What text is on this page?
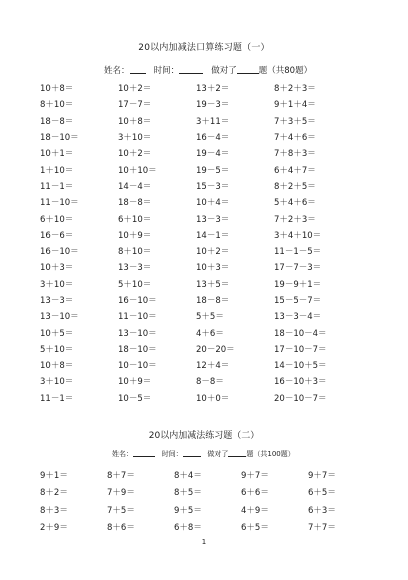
20以内加减法口算练习题（一）
姓名：	时间：	做对了	题（共80题）
10＋8＝	10＋2＝	13＋2＝	8＋2＋3＝
8＋10＝	17－7＝	19－3＝	9＋1＋4＝
18－8＝	10＋8＝	3＋11＝	7＋3＋5＝
18－10＝	3＋10＝	16－4＝	7＋4＋6＝
10＋1＝	10＋2＝	19－4＝	7＋8＋3＝
1＋10＝	10＋10＝	19－5＝	6＋4＋7＝
11－1＝	14－4＝	15－3＝	8＋2＋5＝
11－10＝	18－8＝	10＋4＝	5＋4＋6＝
6＋10＝	6＋10＝	13－3＝	7＋2＋3＝
16－6＝	10＋9＝	14－1＝	3＋4＋10＝
16－10＝	8＋10＝	10＋2＝	11－1－5＝
10＋3＝	13－3＝	10＋3＝	17－7－3＝
3＋10＝	5＋10＝	13＋5＝	19－9＋1＝
13－3＝	16－10＝	18－8＝	15－5－7＝
13－10＝	11－10＝	5＋5＝	13－3－4＝
10＋5＝	13－10＝	4＋6＝	18－10－4＝
5＋10＝	18－10＝	20－20＝	17－10－7＝
10＋8＝	10－10＝	12＋4＝	14－10＋5＝
3＋10＝	10＋9＝	8－8＝	16－10＋3＝
11－1＝	10－5＝	10＋0＝	20－10－7＝
20以内加减法练习题（二）
姓名：	时间：	做对了	题（共100题）
9＋1＝	8＋7＝	8＋4＝	9＋7＝	9＋7＝
8＋2＝	7＋9＝	8＋5＝	6＋6＝	6＋5＝
8＋3＝	7＋5＝	9＋5＝	4＋9＝	6＋3＝
2＋9＝	8＋6＝	6＋8＝	6＋5＝	7＋7＝
1
